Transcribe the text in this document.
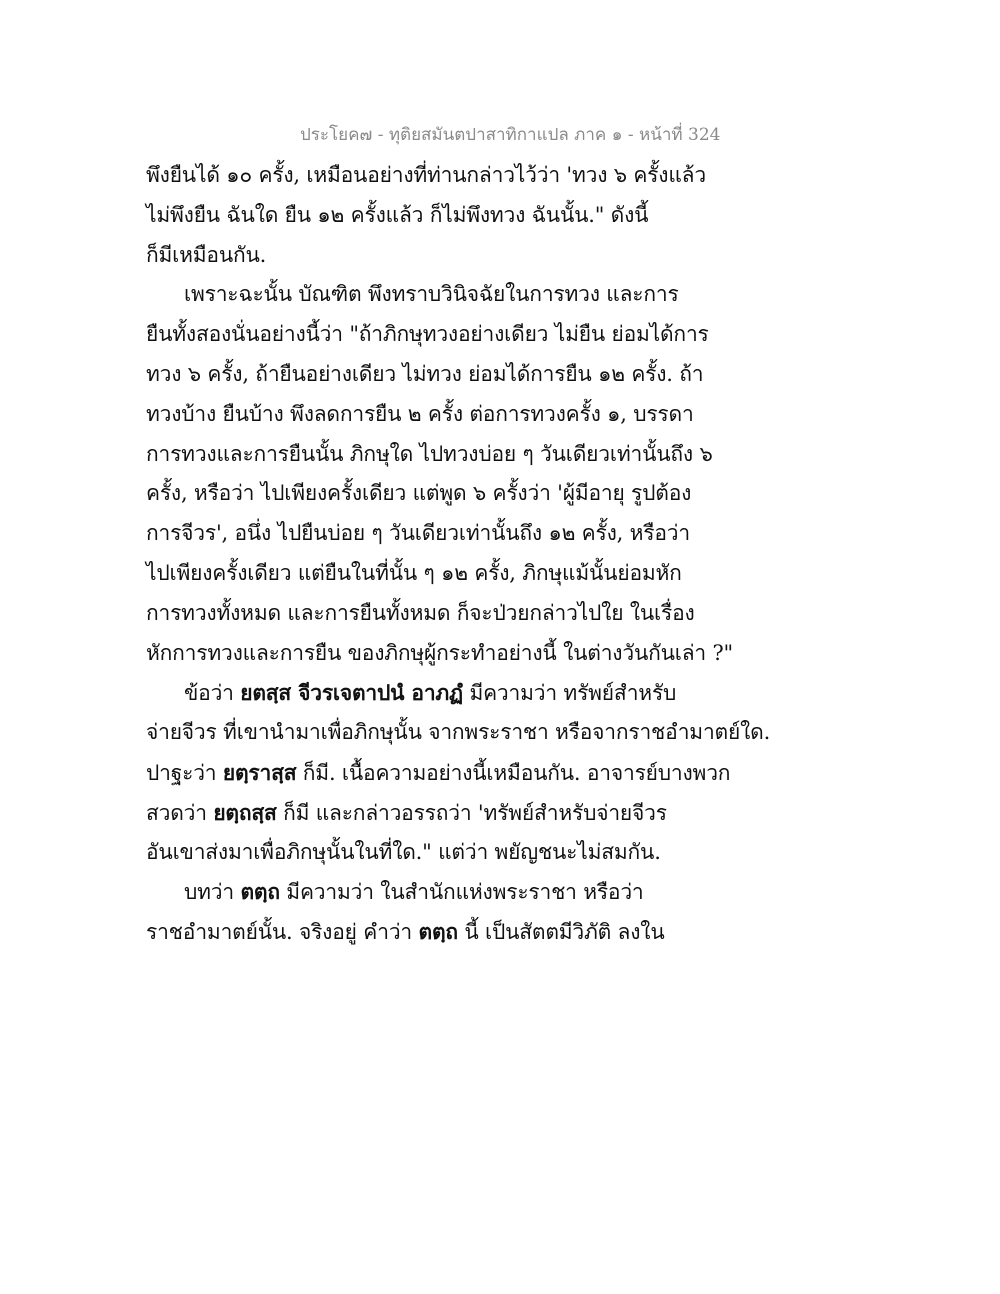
ประโยค๗ - ทุติยสมันตปาสาทิกาแปล ภาค ๑ - หน้าที่ 324
พึงยืนได้ ๑๐ ครั้ง, เหมือนอย่างที่ท่านกล่าวไว้ว่า 'ทวง ๖ ครั้งแล้ว
ไม่พึงยืน ฉันใด ยืน ๑๒ ครั้งแล้ว ก็ไม่พึงทวง ฉันนั้น." ดังนี้
ก็มีเหมือนกัน.
เพราะฉะนั้น บัณฑิต พึงทราบวินิจฉัยในการทวง และการ
ยืนทั้งสองนั่นอย่างนี้ว่า "ถ้าภิกษุทวงอย่างเดียว ไม่ยืน ย่อมได้การ
ทวง ๖ ครั้ง, ถ้ายืนอย่างเดียว ไม่ทวง ย่อมได้การยืน ๑๒ ครั้ง. ถ้า
ทวงบ้าง ยืนบ้าง พึงลดการยืน ๒ ครั้ง ต่อการทวงครั้ง ๑, บรรดา
การทวงและการยืนนั้น ภิกษุใด ไปทวงบ่อย ๆ วันเดียวเท่านั้นถึง ๖
ครั้ง, หรือว่า ไปเพียงครั้งเดียว แต่พูด ๖ ครั้งว่า 'ผู้มีอายุ รูปต้อง
การจีวร', อนึ่ง ไปยืนบ่อย ๆ วันเดียวเท่านั้นถึง ๑๒ ครั้ง, หรือว่า
ไปเพียงครั้งเดียว แต่ยืนในที่นั้น ๆ ๑๒ ครั้ง, ภิกษุแม้นั้นย่อมหัก
การทวงทั้งหมด และการยืนทั้งหมด ก็จะป่วยกล่าวไปใย ในเรื่อง
หักการทวงและการยืน ของภิกษุผู้กระทำอย่างนี้ ในต่างวันกันเล่า ?"
ข้อว่า ยตสฺส จีวรเจตาปนํ อาภฏํ มีความว่า ทรัพย์สำหรับ
จ่ายจีวร ที่เขานำมาเพื่อภิกษุนั้น จากพระราชา หรือจากราชอำมาตย์ใด.
ปาฐะว่า ยตฺราสฺส ก็มี. เนื้อความอย่างนี้เหมือนกัน. อาจารย์บางพวก
สวดว่า ยตฺถสฺส ก็มี และกล่าวอรรถว่า 'ทรัพย์สำหรับจ่ายจีวร
อันเขาส่งมาเพื่อภิกษุนั้นในที่ใด." แต่ว่า พยัญชนะไม่สมกัน.
บทว่า ตตฺถ มีความว่า ในสำนักแห่งพระราชา หรือว่า
ราชอำมาตย์นั้น. จริงอยู่ คำว่า ตตฺถ นี้ เป็นสัตตมีวิภัติ ลงใน
